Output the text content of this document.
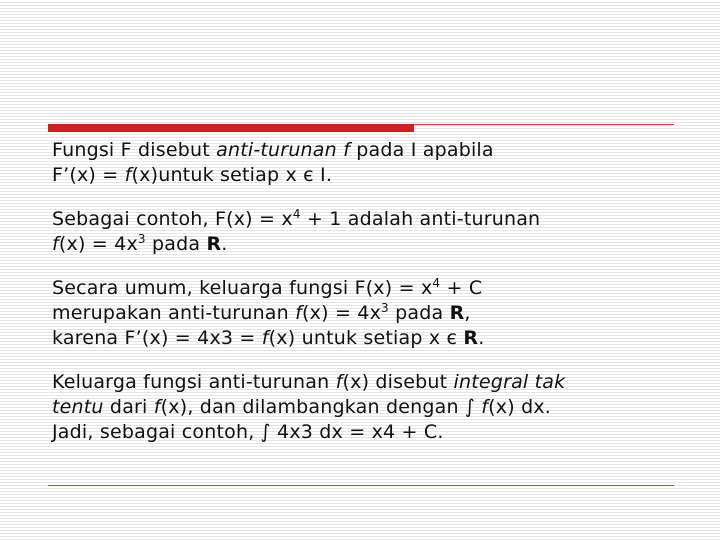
Fungsi F disebut anti-turunan f pada I apabila
F’(x) = f(x)untuk setiap x є I.

Sebagai contoh, $F(x) = x^4 + 1$ adalah anti-turunan
$f(x) = 4x^3$ pada R.

Secara umum, keluarga fungsi $F(x) = x^4 + C$
merupakan anti-turunan $f(x) = 4x^3$ pada R,
karena F’(x) = 4x3 = f(x) untuk setiap x є R.

Keluarga fungsi anti-turunan f(x) disebut integral tak
tentu dari f(x), dan dilambangkan dengan ∫ f(x) dx.
Jadi, sebagai contoh, ∫ 4x3 dx = x4 + C.
